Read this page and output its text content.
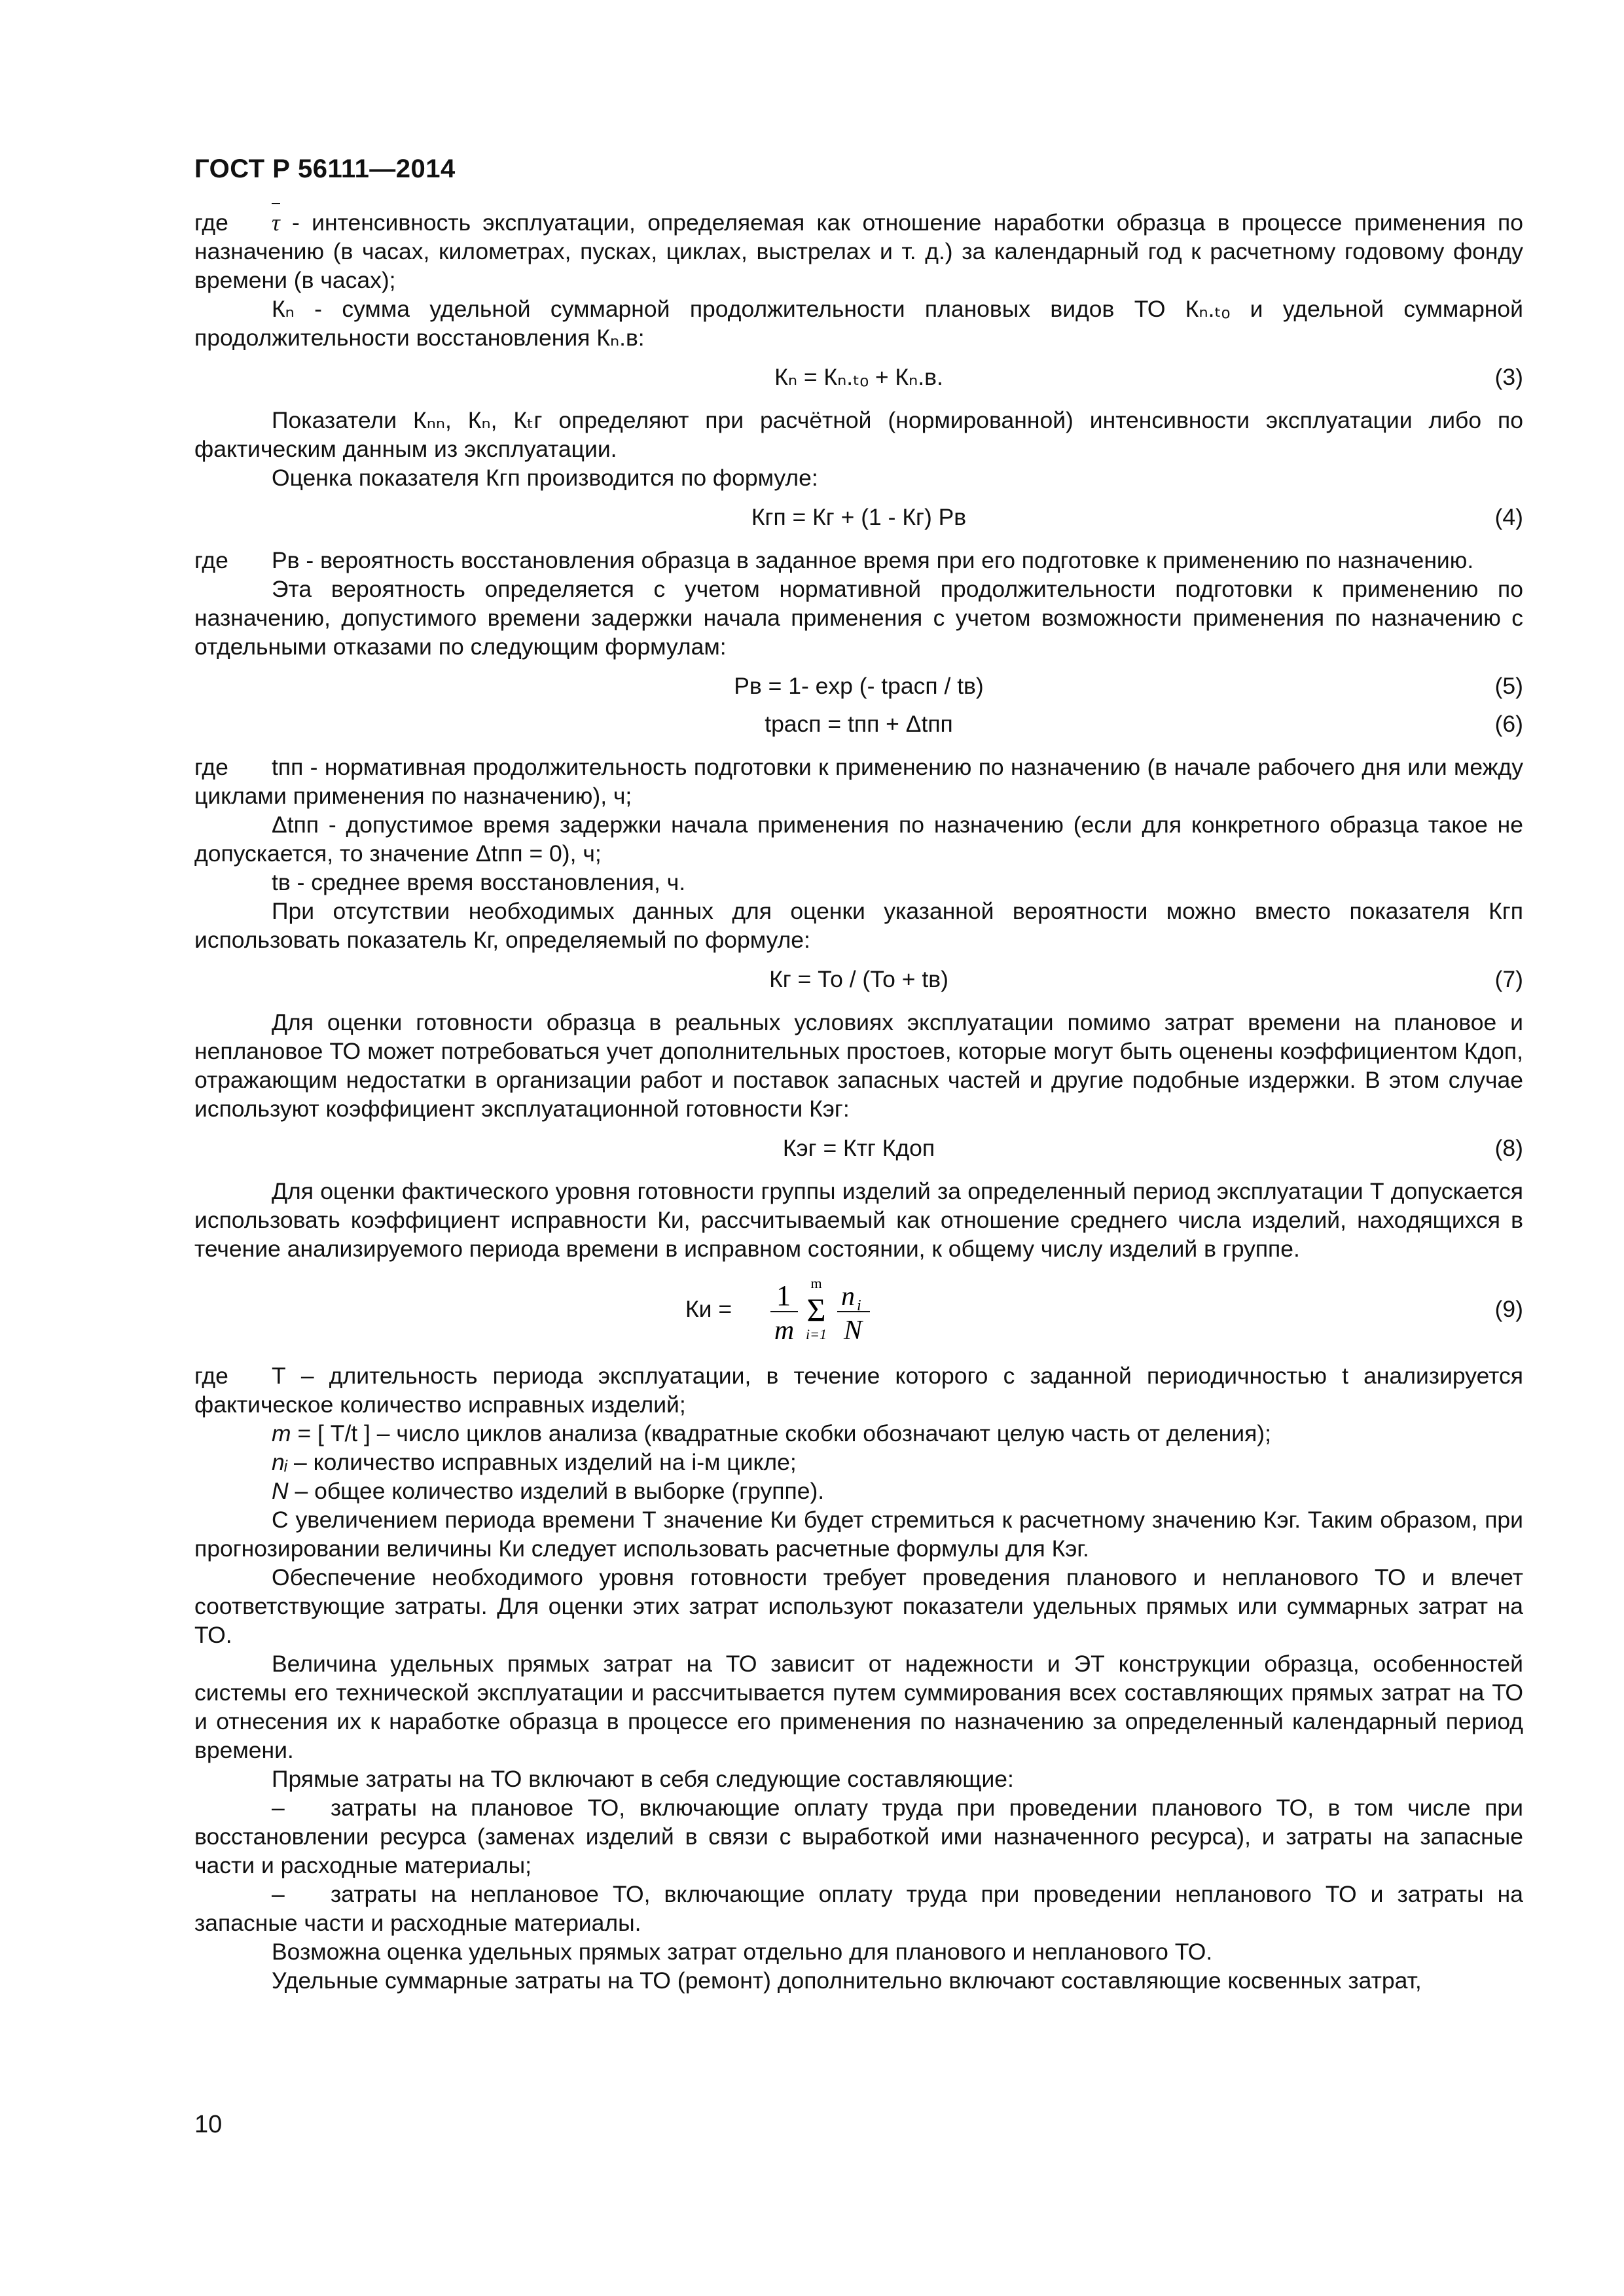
ГОСТ Р 56111—2014

где τ - интенсивность эксплуатации, определяемая как отношение наработки образца в процессе применения по назначению (в часах, километрах, пусках, циклах, выстрелах и т. д.) за календарный год к расчетному годовому фонду времени (в часах);

Кₙ - сумма удельной суммарной продолжительности плановых видов ТО Кₙ.ₜₒ и удельной суммарной продолжительности восстановления Кₙ.в:

Кₙ = Кₙ.ₜₒ + Кₙ.в.	(3)

Показатели Кₙₙ, Кₙ, Кₜг определяют при расчётной (нормированной) интенсивности эксплуатации либо по фактическим данным из эксплуатации.

Оценка показателя Кгп производится по формуле:

Кгп = Кг + (1 - Кг) Рв	(4)

где Рв - вероятность восстановления образца в заданное время при его подготовке к применению по назначению.

Эта вероятность определяется с учетом нормативной продолжительности подготовки к применению по назначению, допустимого времени задержки начала применения с учетом возможности применения по назначению с отдельными отказами по следующим формулам:

Рв = 1- exp (- tрасп / tв)	(5)
tрасп = tпп + Δtпп	(6)

где tпп - нормативная продолжительность подготовки к применению по назначению (в начале рабочего дня или между циклами применения по назначению), ч;

Δtпп - допустимое время задержки начала применения по назначению (если для конкретного образца такое не допускается, то значение Δtпп = 0), ч;

tв - среднее время восстановления, ч.

При отсутствии необходимых данных для оценки указанной вероятности можно вместо показателя Кгп использовать показатель Кг, определяемый по формуле:

Кг = То / (То + tв)	(7)

Для оценки готовности образца в реальных условиях эксплуатации помимо затрат времени на плановое и неплановое ТО может потребоваться учет дополнительных простоев, которые могут быть оценены коэффициентом Кдоп, отражающим недостатки в организации работ и поставок запасных частей и другие подобные издержки. В этом случае используют коэффициент эксплуатационной готовности Кэг:

Кэг = Ктг Кдоп	(8)

Для оценки фактического уровня готовности группы изделий за определенный период эксплуатации Т допускается использовать коэффициент исправности Ки, рассчитываемый как отношение среднего числа изделий, находящихся в течение анализируемого периода времени в исправном состоянии, к общему числу изделий в группе.

Ки = 1
m
m
Σ
i=1
n i
N
(9)

где Т – длительность периода эксплуатации, в течение которого с заданной периодичностью t анализируется фактическое количество исправных изделий;

m = [ Т/t ] – число циклов анализа (квадратные скобки обозначают целую часть от деления);

nᵢ – количество исправных изделий на i-м цикле;

N – общее количество изделий в выборке (группе).

С увеличением периода времени Т значение Ки будет стремиться к расчетному значению Кэг. Таким образом, при прогнозировании величины Ки следует использовать расчетные формулы для Кэг.

Обеспечение необходимого уровня готовности требует проведения планового и непланового ТО и влечет соответствующие затраты. Для оценки этих затрат используют показатели удельных прямых или суммарных затрат на ТО.

Величина удельных прямых затрат на ТО зависит от надежности и ЭТ конструкции образца, особенностей системы его технической эксплуатации и рассчитывается путем суммирования всех составляющих прямых затрат на ТО и отнесения их к наработке образца в процессе его применения по назначению за определенный календарный период времени.

Прямые затраты на ТО включают в себя следующие составляющие:

– затраты на плановое ТО, включающие оплату труда при проведении планового ТО, в том числе при восстановлении ресурса (заменах изделий в связи с выработкой ими назначенного ресурса), и затраты на запасные части и расходные материалы;

– затраты на неплановое ТО, включающие оплату труда при проведении непланового ТО и затраты на запасные части и расходные материалы.

Возможна оценка удельных прямых затрат отдельно для планового и непланового ТО.

Удельные суммарные затраты на ТО (ремонт) дополнительно включают составляющие косвенных затрат,

10
